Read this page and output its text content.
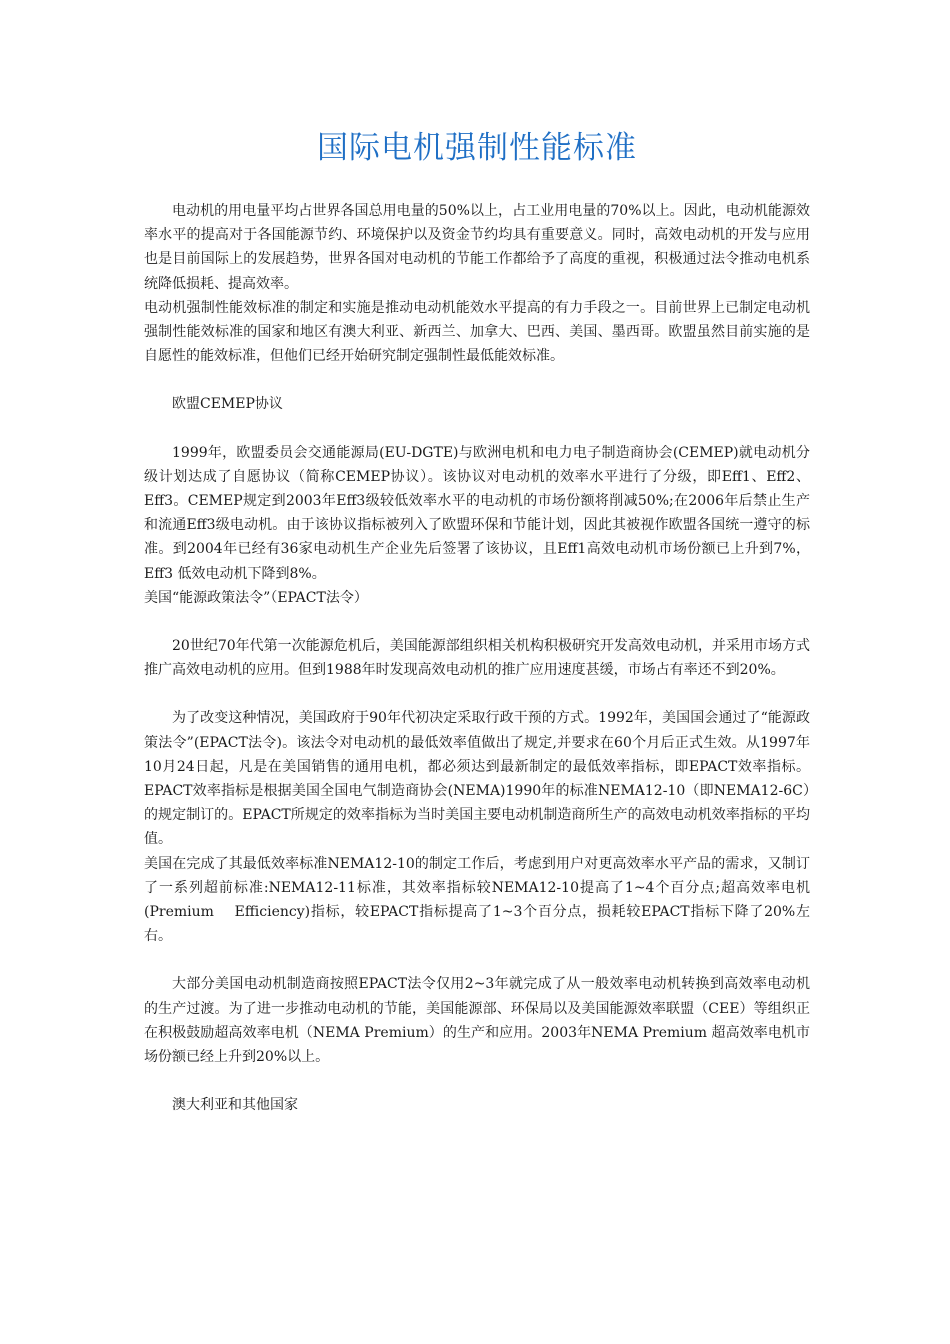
国际电机强制性能标准

电动机的用电量平均占世界各国总用电量的50%以上，占工业用电量的70%以上。因此，电动机能源效率水平的提高对于各国能源节约、环境保护以及资金节约均具有重要意义。同时，高效电动机的开发与应用也是目前国际上的发展趋势，世界各国对电动机的节能工作都给予了高度的重视，积极通过法令推动电机系统降低损耗、提高效率。

电动机强制性能效标准的制定和实施是推动电动机能效水平提高的有力手段之一。目前世界上已制定电动机强制性能效标准的国家和地区有澳大利亚、新西兰、加拿大、巴西、美国、墨西哥。欧盟虽然目前实施的是自愿性的能效标准，但他们已经开始研究制定强制性最低能效标准。

欧盟CEMEP协议

1999年，欧盟委员会交通能源局(EU-DGTE)与欧洲电机和电力电子制造商协会(CEMEP)就电动机分级计划达成了自愿协议（简称CEMEP协议）。该协议对电动机的效率水平进行了分级，即Eff1、Eff2、Eff3。CEMEP规定到2003年Eff3级较低效率水平的电动机的市场份额将削减50%;在2006年后禁止生产和流通Eff3级电动机。由于该协议指标被列入了欧盟环保和节能计划，因此其被视作欧盟各国统一遵守的标准。到2004年已经有36家电动机生产企业先后签署了该协议，且Eff1高效电动机市场份额已上升到7%，Eff3 低效电动机下降到8%。

美国“能源政策法令”（EPACT法令）

20世纪70年代第一次能源危机后，美国能源部组织相关机构积极研究开发高效电动机，并采用市场方式推广高效电动机的应用。但到1988年时发现高效电动机的推广应用速度甚缓，市场占有率还不到20%。

为了改变这种情况，美国政府于90年代初决定采取行政干预的方式。1992年，美国国会通过了“能源政策法令”(EPACT法令)。该法令对电动机的最低效率值做出了规定,并要求在60个月后正式生效。从1997年10月24日起，凡是在美国销售的通用电机，都必须达到最新制定的最低效率指标，即EPACT效率指标。EPACT效率指标是根据美国全国电气制造商协会(NEMA)1990年的标准NEMA12-10（即NEMA12-6C）的规定制订的。EPACT所规定的效率指标为当时美国主要电动机制造商所生产的高效电动机效率指标的平均值。

美国在完成了其最低效率标准NEMA12-10的制定工作后，考虑到用户对更高效率水平产品的需求，又制订了一系列超前标准:NEMA12-11标准，其效率指标较NEMA12-10提高了1~4个百分点;超高效率电机(Premium　 Efficiency)指标，较EPACT指标提高了1~3个百分点，损耗较EPACT指标下降了20%左右。

大部分美国电动机制造商按照EPACT法令仅用2~3年就完成了从一般效率电动机转换到高效率电动机的生产过渡。为了进一步推动电动机的节能，美国能源部、环保局以及美国能源效率联盟（CEE）等组织正在积极鼓励超高效率电机（NEMA Premium）的生产和应用。2003年NEMA Premium 超高效率电机市场份额已经上升到20%以上。

澳大利亚和其他国家
